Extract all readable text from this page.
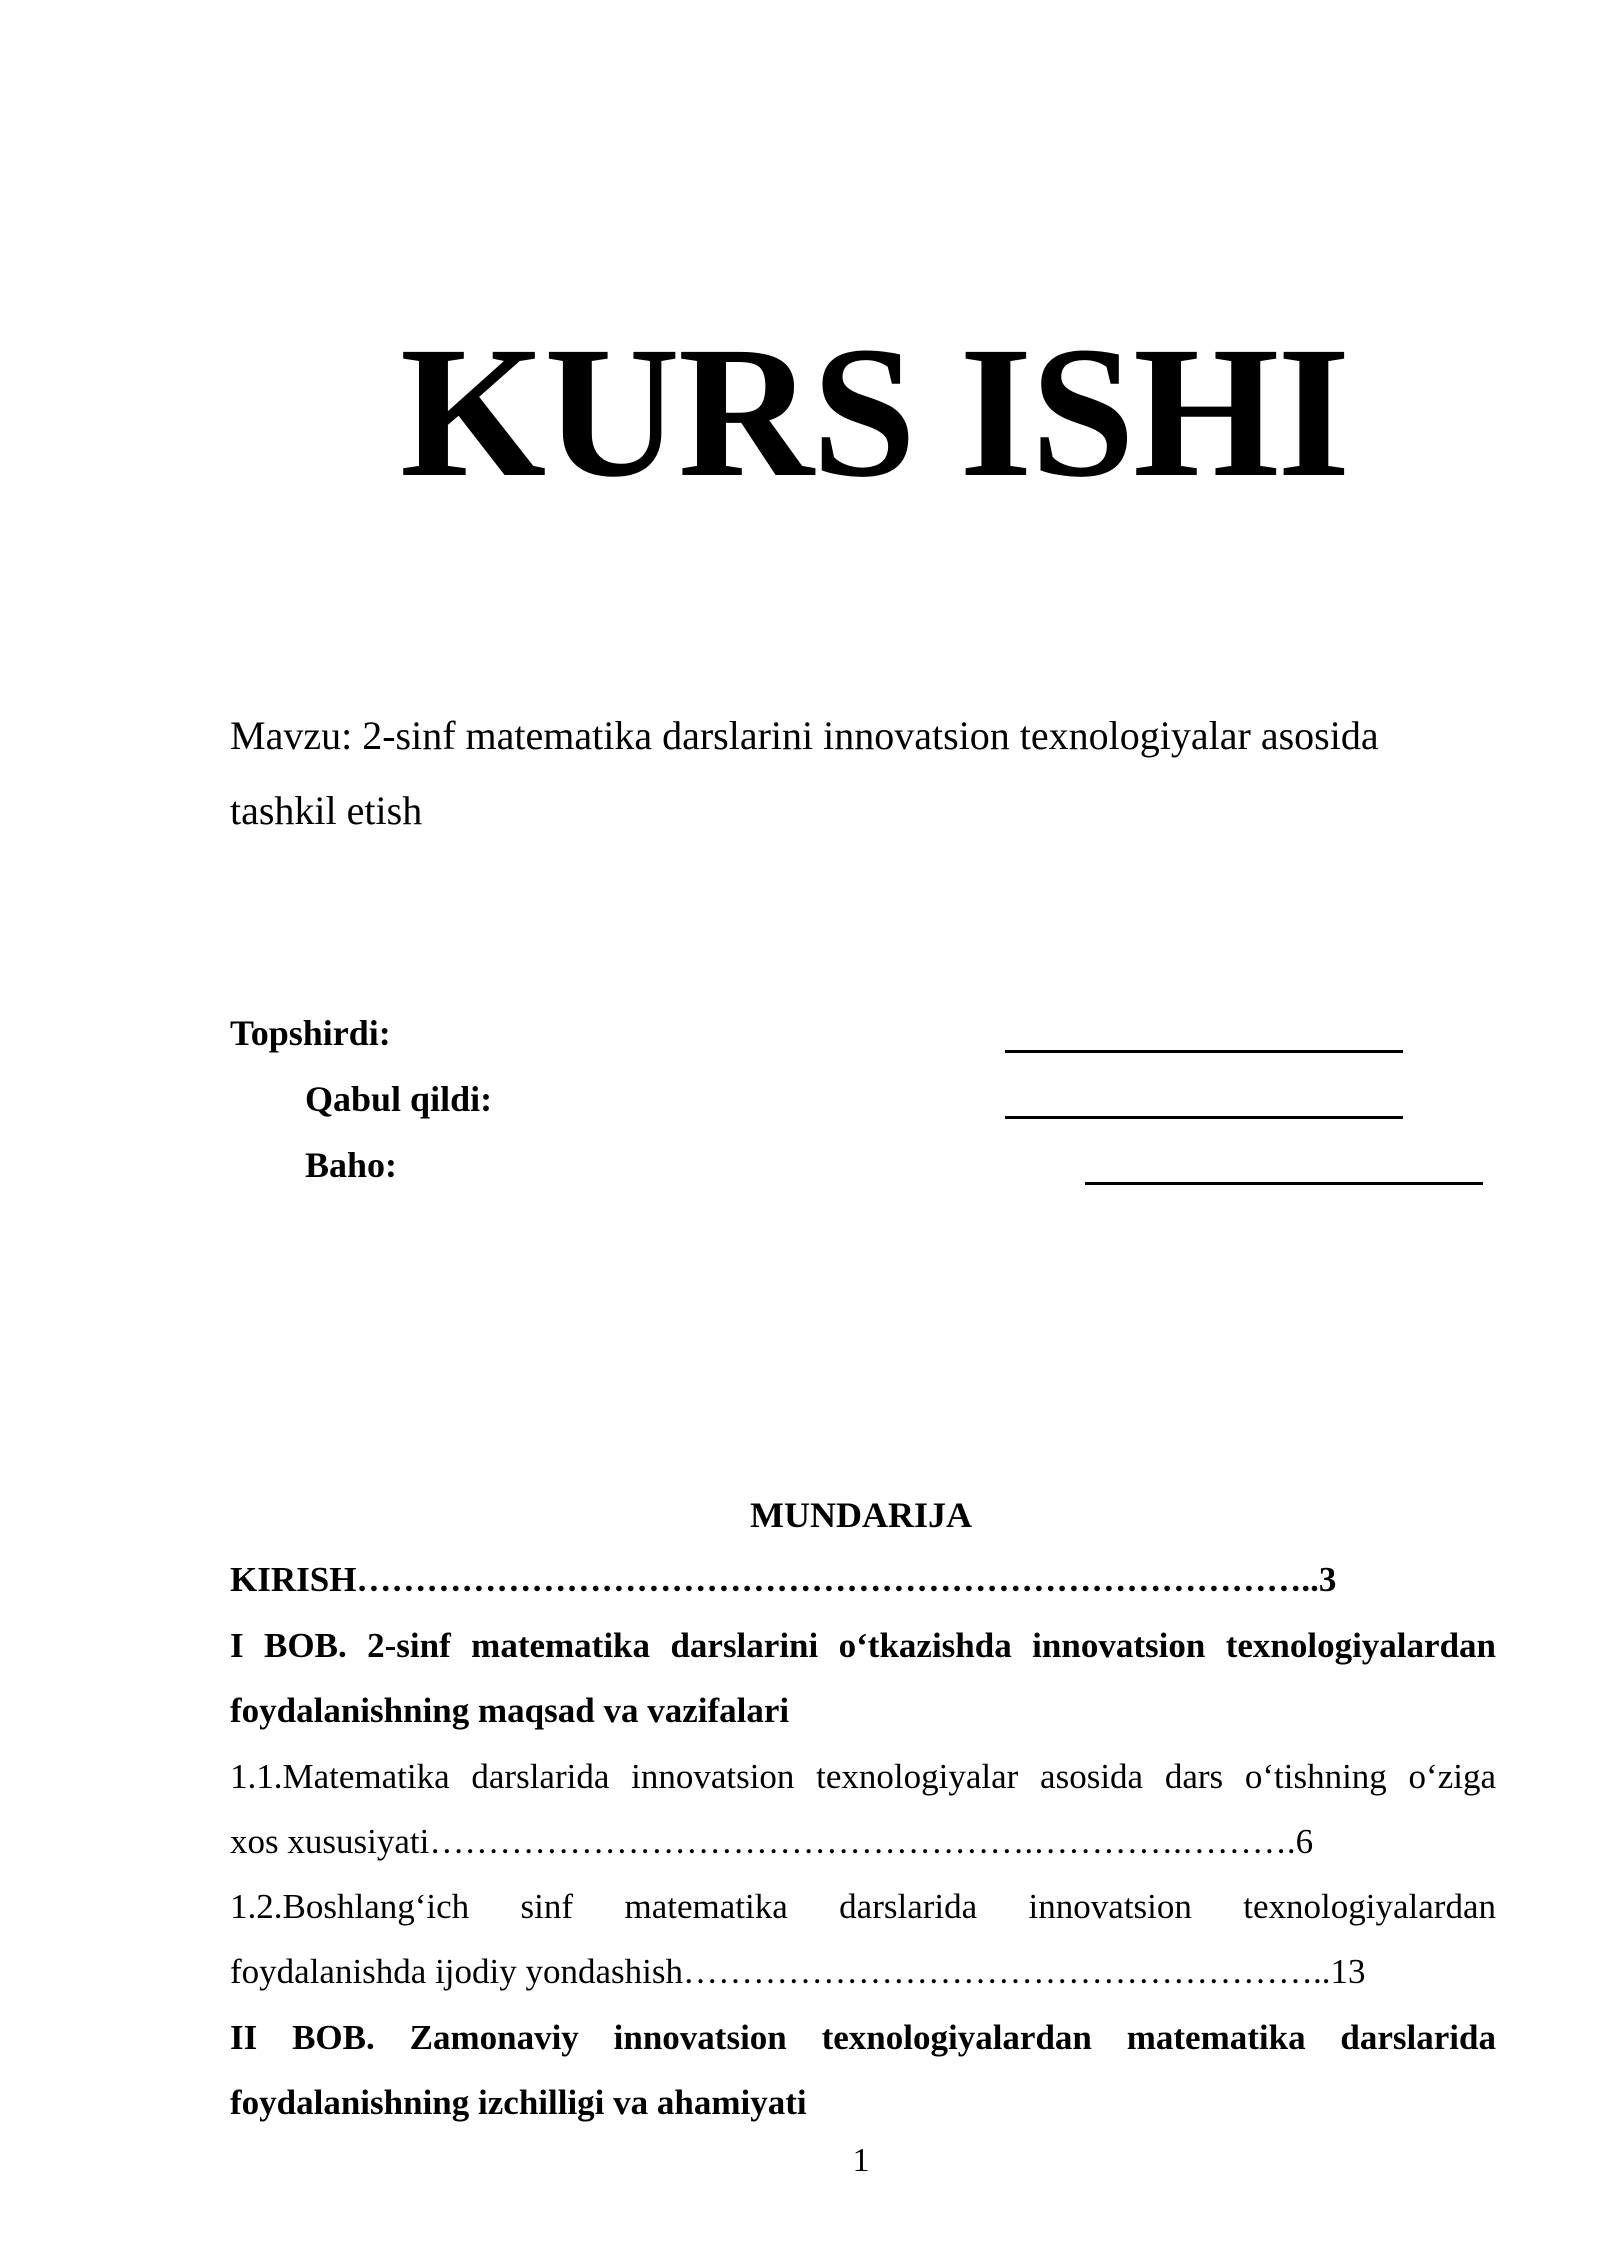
KURS ISHI
Mavzu: 2-sinf matematika darslarini innovatsion texnologiyalar asosida
tashkil etish
Topshirdi:
Qabul qildi:
Baho:
MUNDARIJA
KIRISH………………………………………………………………………..3
I BOB. 2-sinf matematika darslarini o‘tkazishda innovatsion texnologiyalardan
foydalanishning maqsad va vazifalari
1.1.Matematika darslarida innovatsion texnologiyalar asosida dars o‘tishning o‘ziga
xos xususiyati…………………………………………….………….……….6
1.2.Boshlang‘ich sinf matematika darslarida innovatsion texnologiyalardan
foydalanishda ijodiy yondashish………………………………………………..13
II BOB. Zamonaviy innovatsion texnologiyalardan matematika darslarida
foydalanishning izchilligi va ahamiyati
1
